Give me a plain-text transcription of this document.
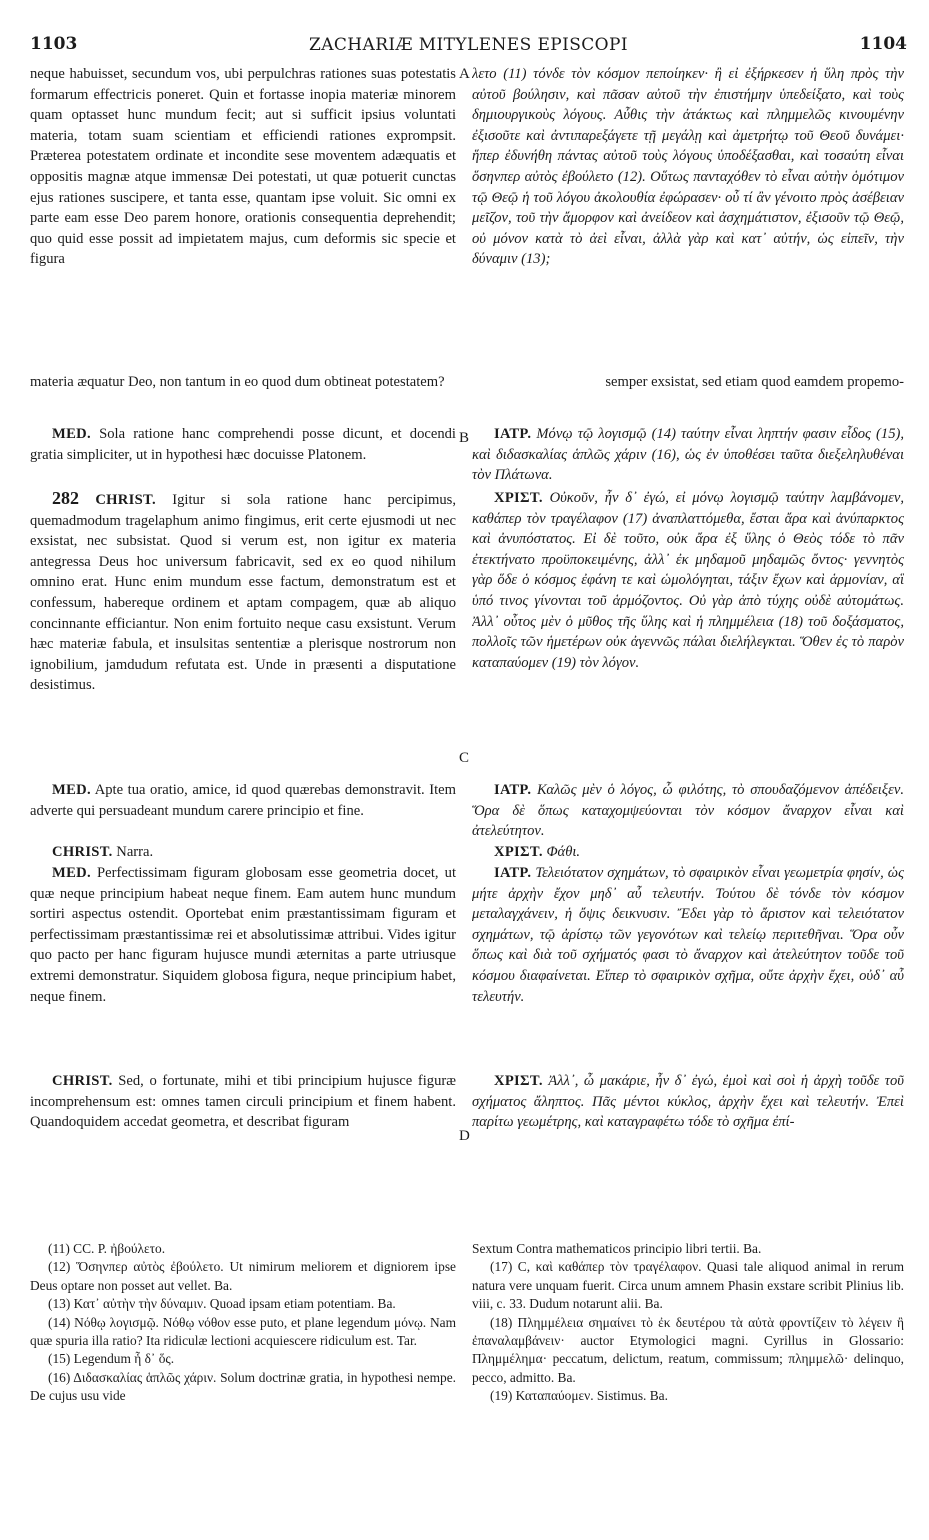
1103	ZACHARIÆ MITYLENES EPISCOPI	1104
A
B
C
D

neque habuisset, secundum vos, ubi perpulchras rationes suas potestatis formarum effectricis poneret. Quin et fortasse inopia materiæ minorem quam optasset hunc mundum fecit; aut si sufficit ipsius voluntati materia, totam suam scientiam et efficiendi rationes exprompsit. Præterea potestatem ordinate et incondite sese moventem adæquatis et oppositis magnæ atque immensæ Dei potestati, ut quæ potuerit cunctas ejus rationes suscipere, et tanta esse, quantam ipse voluit. Sic omni ex parte eam esse Deo parem honore, orationis consequentia deprehendit; quo quid esse possit ad impietatem majus, cum deformis sic specie et figura

materia æquatur Deo, non tantum in eo quod dum obtineat potestatem?	semper exsistat, sed etiam quod eamdem propemo-

MED. Sola ratione hanc comprehendi posse dicunt, et docendi gratia simpliciter, ut in hypothesi hæc docuisse Platonem.

282 CHRIST. Igitur si sola ratione hanc percipimus, quemadmodum tragelaphum animo fingimus, erit certe ejusmodi ut nec exsistat, nec subsistat. Quod si verum est, non igitur ex materia antegressa Deus hoc universum fabricavit, sed ex eo quod nihilum omnino erat. Hunc enim mundum esse factum, demonstratum est et confessum, habereque ordinem et aptam compagem, quæ ab aliquo concinnante efficiantur. Non enim fortuito neque casu exsistunt. Verum hæc materiæ fabula, et insulsitas sententiæ a plerisque nostrorum non ignobilium, jamdudum refutata est. Unde in præsenti a disputatione desistimus.

MED. Apte tua oratio, amice, id quod quærebas demonstravit. Item adverte qui persuadeant mundum carere principio et fine.

CHRIST. Narra.

MED. Perfectissimam figuram globosam esse geometria docet, ut quæ neque principium habeat neque finem. Eam autem hunc mundum sortiri aspectus ostendit. Oportebat enim præstantissimam figuram et perfectissimam præstantissimæ rei et absolutissimæ attribui. Vides igitur quo pacto per hanc figuram hujusce mundi æternitas a parte utriusque extremi demonstratur. Siquidem globosa figura, neque principium habet, neque finem.

CHRIST. Sed, o fortunate, mihi et tibi principium hujusce figuræ incomprehensum est: omnes tamen circuli principium et finem habent. Quandoquidem accedat geometra, et describat figuram

λετο (11) τόνδε τὸν κόσμον πεποίηκεν· ἢ εἰ ἐξήρκεσεν ἡ ὕλη πρὸς τὴν αὐτοῦ βούλησιν, καὶ πᾶσαν αὐτοῦ τὴν ἐπιστήμην ὑπεδείξατο, καὶ τοὺς δημιουργικοὺς λόγους. Αὖθις τὴν ἀτάκτως καὶ πλημμελῶς κινουμένην ἐξισοῦτε καὶ ἀντιπαρεξάγετε τῇ μεγάλῃ καὶ ἀμετρήτῳ τοῦ Θεοῦ δυνάμει· ἥπερ ἐδυνήθη πάντας αὐτοῦ τοὺς λόγους ὑποδέξασθαι, καὶ τοσαύτη εἶναι ὅσηνπερ αὐτὸς ἐβούλετο (12). Οὕτως πανταχόθεν τὸ εἶναι αὐτὴν ὁμότιμον τῷ Θεῷ ἡ τοῦ λόγου ἀκολουθία ἐφώρασεν· οὗ τί ἂν γένοιτο πρὸς ἀσέβειαν μεῖζον, τοῦ τὴν ἄμορφον καὶ ἀνείδεον καὶ ἀσχημάτιστον, ἐξισοῦν τῷ Θεῷ, οὐ μόνον κατὰ τὸ ἀεὶ εἶναι, ἀλλὰ γὰρ καὶ κατ᾽ αὐτήν, ὡς εἰπεῖν, τὴν δύναμιν (13);

ΙΑΤΡ. Μόνῳ τῷ λογισμῷ (14) ταύτην εἶναι ληπτήν φασιν εἶδος (15), καὶ διδασκαλίας ἁπλῶς χάριν (16), ὡς ἐν ὑποθέσει ταῦτα διεξεληλυθέναι τὸν Πλάτωνα.

ΧΡΙΣΤ. Οὐκοῦν, ἦν δ᾽ ἐγώ, εἰ μόνῳ λογισμῷ ταύτην λαμβάνομεν, καθάπερ τὸν τραγέλαφον (17) ἀναπλαττόμεθα, ἔσται ἄρα καὶ ἀνύπαρκτος καὶ ἀνυπόστατος. Εἰ δὲ τοῦτο, οὐκ ἄρα ἐξ ὕλης ὁ Θεὸς τόδε τὸ πᾶν ἐτεκτήνατο προϋποκειμένης, ἀλλ᾽ ἐκ μηδαμοῦ μηδαμῶς ὄντος· γεννητὸς γὰρ ὅδε ὁ κόσμος ἐφάνη τε καὶ ὡμολόγηται, τάξιν ἔχων καὶ ἁρμονίαν, αἳ ὑπό τινος γίνονται τοῦ ἁρμόζοντος. Οὐ γὰρ ἀπὸ τύχης οὐδὲ αὐτομάτως. Ἀλλ᾽ οὗτος μὲν ὁ μῦθος τῆς ὕλης καὶ ἡ πλημμέλεια (18) τοῦ δοξάσματος, πολλοῖς τῶν ἡμετέρων οὐκ ἀγεννῶς πάλαι διελήλεγκται. Ὅθεν ἐς τὸ παρὸν καταπαύομεν (19) τὸν λόγον.

ΙΑΤΡ. Καλῶς μὲν ὁ λόγος, ὦ φιλότης, τὸ σπουδαζόμενον ἀπέδειξεν. Ὅρα δὲ ὅπως καταχομψεύονται τὸν κόσμον ἄναρχον εἶναι καὶ ἀτελεύτητον.

ΧΡΙΣΤ. Φάθι.

ΙΑΤΡ. Τελειότατον σχημάτων, τὸ σφαιρικὸν εἶναι γεωμετρία φησίν, ὡς μήτε ἀρχὴν ἔχον μηδ᾽ αὖ τελευτήν. Τούτου δὲ τόνδε τὸν κόσμον μεταλαγχάνειν, ἡ ὄψις δεικνυσιν. Ἔδει γὰρ τὸ ἄριστον καὶ τελειότατον σχημάτων, τῷ ἀρίστῳ τῶν γεγονότων καὶ τελείῳ περιτεθῆναι. Ὅρα οὖν ὅπως καὶ διὰ τοῦ σχήματός φασι τὸ ἄναρχον καὶ ἀτελεύτητον τοῦδε τοῦ κόσμου διαφαίνεται. Εἴπερ τὸ σφαιρικὸν σχῆμα, οὔτε ἀρχὴν ἔχει, οὐδ᾽ αὖ τελευτήν.

ΧΡΙΣΤ. Ἀλλ᾽, ὦ μακάριε, ἦν δ᾽ ἐγώ, ἐμοὶ καὶ σοὶ ἡ ἀρχὴ τοῦδε τοῦ σχήματος ἄληπτος. Πᾶς μέντοι κύκλος, ἀρχὴν ἔχει καὶ τελευτήν. Ἐπεὶ παρίτω γεωμέτρης, καὶ καταγραφέτω τόδε τὸ σχῆμα ἐπί-

(11) CC. P. ἠβούλετο.

(12) Ὅσηνπερ αὐτὸς ἐβούλετο. Ut nimirum meliorem et digniorem ipse Deus optare non posset aut vellet. Ba.

(13) Κατ᾽ αὐτὴν τὴν δύναμιν. Quoad ipsam etiam potentiam. Ba.

(14) Νόθῳ λογισμῷ. Νόθῳ νόθον esse puto, et plane legendum μόνῳ. Nam quæ spuria illa ratio? Ita ridiculæ lectioni acquiescere ridiculum est. Tar.

(15) Legendum ἦ δ᾽ ὅς.

(16) Διδασκαλίας ἁπλῶς χάριν. Solum doctrinæ gratia, in hypothesi nempe. De cujus usu vide

Sextum Contra mathematicos principio libri tertii. Ba.

(17) C, καὶ καθάπερ τὸν τραγέλαφον. Quasi tale aliquod animal in rerum natura vere unquam fuerit. Circa unum amnem Phasin exstare scribit Plinius lib. viii, c. 33. Dudum notarunt alii. Ba.

(18) Πλημμέλεια σημαίνει τὸ ἐκ δευτέρου τὰ αὐτὰ φροντίζειν τὸ λέγειν ἢ ἐπαναλαμβάνειν· auctor Etymologici magni. Cyrillus in Glossario: Πλημμέλημα· peccatum, delictum, reatum, commissum; πλημμελῶ· delinquo, pecco, admitto. Ba.

(19) Καταπαύομεν. Sistimus. Ba.
